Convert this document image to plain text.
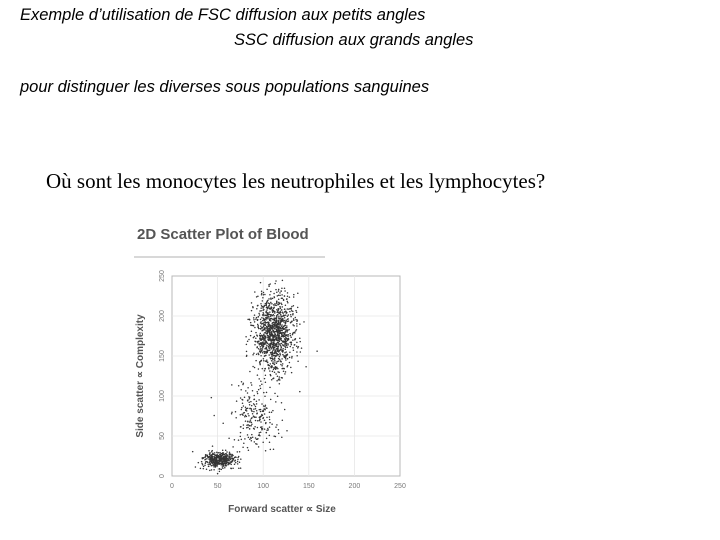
Exemple d’utilisation de FSC diffusion aux petits angles
SSC diffusion aux grands angles
pour distinguer les diverses sous populations sanguines
Où sont les monocytes les neutrophiles et les lymphocytes?
2D Scatter Plot of Blood
0	50	100	150	200	250
0
50
100
150
200
250
Forward scatter ∝ Size
Side scatter ∝ Complexity
